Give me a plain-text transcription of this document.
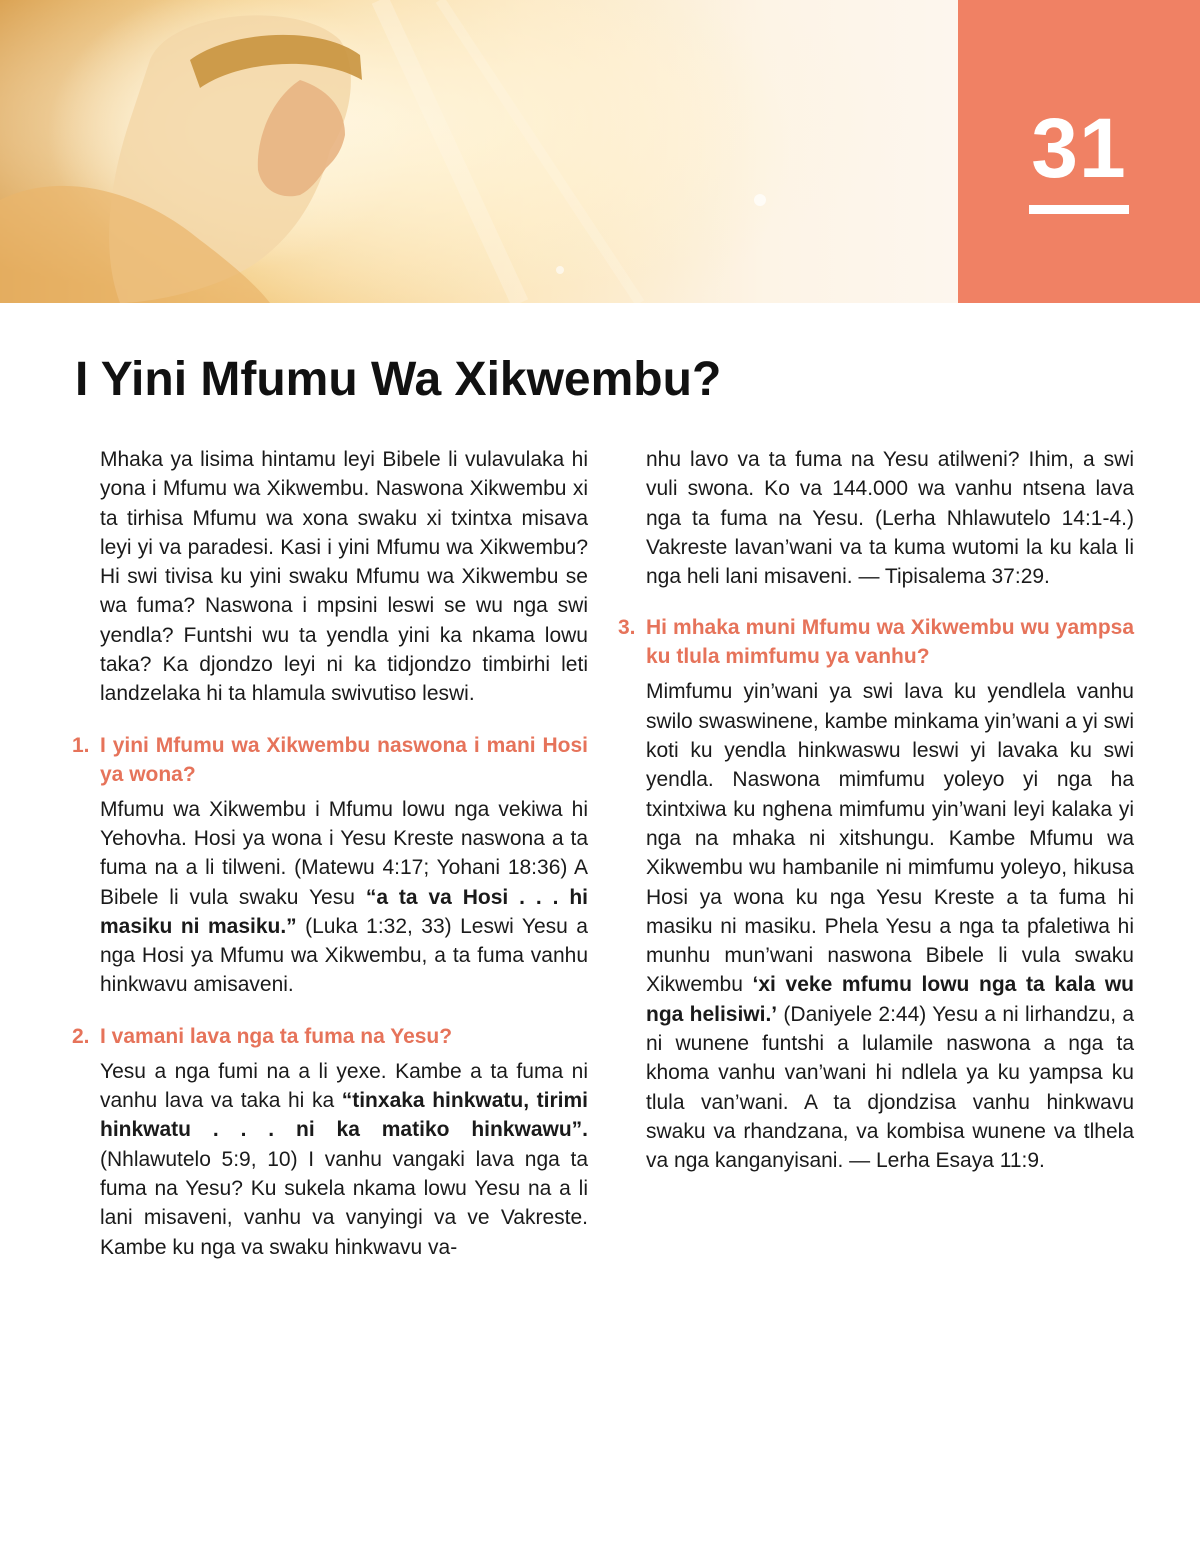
31
I Yini Mfumu Wa Xikwembu?

Mhaka ya lisima hintamu leyi Bibele li vulavulaka hi yona i Mfumu wa Xikwembu. Naswona Xikwembu xi ta tirhisa Mfumu wa xona swaku xi txintxa misava leyi yi va paradesi. Kasi i yini Mfumu wa Xikwembu? Hi swi tivisa ku yini swaku Mfumu wa Xikwembu se wa fuma? Naswona i mpsini leswi se wu nga swi yendla? Funtshi wu ta yendla yini ka nkama lowu taka? Ka djondzo leyi ni ka tidjondzo timbirhi leti landzelaka hi ta hlamula swivutiso leswi.

1. I yini Mfumu wa Xikwembu naswona i mani Hosi ya wona?

Mfumu wa Xikwembu i Mfumu lowu nga vekiwa hi Yehovha. Hosi ya wona i Yesu Kreste naswona a ta fuma na a li tilweni. (Matewu 4:17; Yohani 18:36) A Bibele li vula swaku Yesu “a ta va Hosi . . . hi masiku ni masiku.” (Luka 1:32, 33) Leswi Yesu a nga Hosi ya Mfumu wa Xikwembu, a ta fuma vanhu hinkwavu amisaveni.

2. I vamani lava nga ta fuma na Yesu?

Yesu a nga fumi na a li yexe. Kambe a ta fuma ni vanhu lava va taka hi ka “tinxaka hinkwatu, tirimi hinkwatu . . . ni ka matiko hinkwawu”. (Nhlawutelo 5:9, 10) I vanhu vangaki lava nga ta fuma na Yesu? Ku sukela nkama lowu Yesu na a li lani misaveni, vanhu va vanyingi va ve Vakreste. Kambe ku nga va swaku hinkwavu va-

nhu lavo va ta fuma na Yesu atilweni? Ihim, a swi vuli swona. Ko va 144.000 wa vanhu ntsena lava nga ta fuma na Yesu. (Lerha Nhlawutelo 14:1-4.) Vakreste lavan’wani va ta kuma wutomi la ku kala li nga heli lani misaveni. — Tipisalema 37:29.

3. Hi mhaka muni Mfumu wa Xikwembu wu yampsa ku tlula mimfumu ya vanhu?

Mimfumu yin’wani ya swi lava ku yendlela vanhu swilo swaswinene, kambe minkama yin’wani a yi swi koti ku yendla hinkwaswu leswi yi lavaka ku swi yendla. Naswona mimfumu yoleyo yi nga ha txintxiwa ku nghena mimfumu yin’wani leyi kalaka yi nga na mhaka ni xitshungu. Kambe Mfumu wa Xikwembu wu hambanile ni mimfumu yoleyo, hikusa Hosi ya wona ku nga Yesu Kreste a ta fuma hi masiku ni masiku. Phela Yesu a nga ta pfaletiwa hi munhu mun’wani naswona Bibele li vula swaku Xikwembu ‘xi veke mfumu lowu nga ta kala wu nga helisiwi.’ (Daniyele 2:44) Yesu a ni lirhandzu, a ni wunene funtshi a lulamile naswona a nga ta khoma vanhu van’wani hi ndlela ya ku yampsa ku tlula van’wani. A ta djondzisa vanhu hinkwavu swaku va rhandzana, va kombisa wunene va tlhela va nga kanganyisani. — Lerha Esaya 11:9.
